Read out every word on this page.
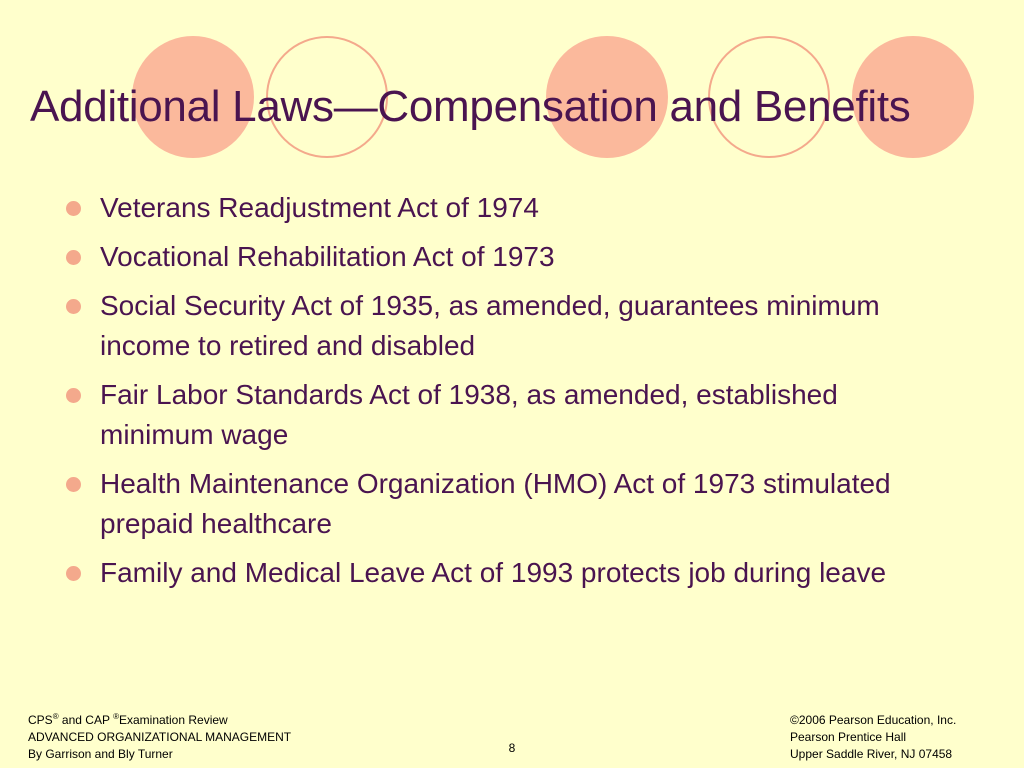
Additional Laws—Compensation and Benefits
Veterans Readjustment Act of 1974
Vocational Rehabilitation Act of 1973
Social Security Act of 1935, as amended, guarantees minimum income to retired and disabled
Fair Labor Standards Act of 1938, as amended, established minimum wage
Health Maintenance Organization (HMO) Act of 1973 stimulated prepaid healthcare
Family and Medical Leave Act of 1993 protects job during leave
CPS® and CAP ®Examination Review
ADVANCED ORGANIZATIONAL MANAGEMENT
By Garrison and Bly Turner	8
©2006 Pearson Education, Inc.
Pearson Prentice Hall
Upper Saddle River, NJ 07458
